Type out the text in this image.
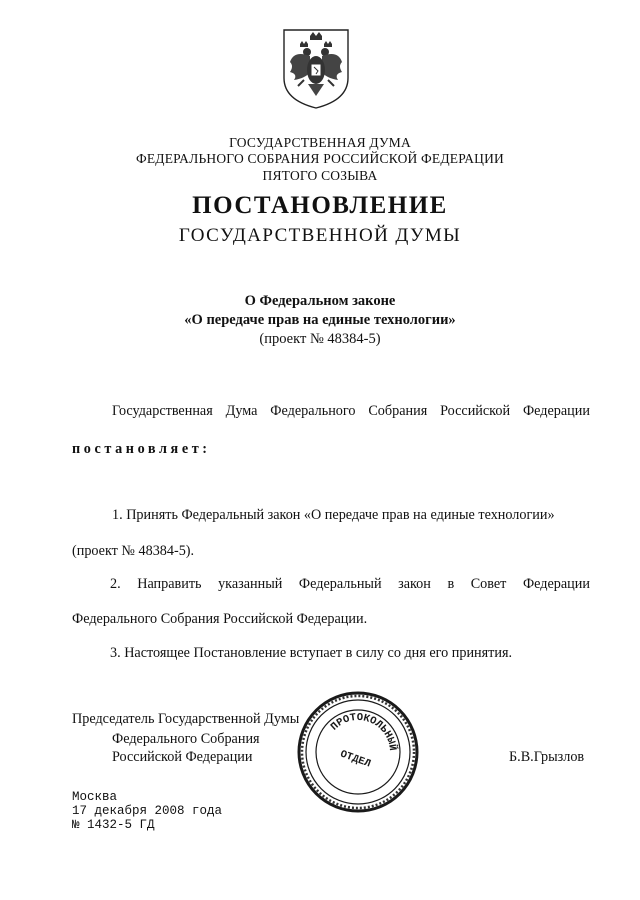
ГОСУДАРСТВЕННАЯ ДУМА
ФЕДЕРАЛЬНОГО СОБРАНИЯ РОССИЙСКОЙ ФЕДЕРАЦИИ
ПЯТОГО СОЗЫВА
ПОСТАНОВЛЕНИЕ
ГОСУДАРСТВЕННОЙ ДУМЫ
О Федеральном законе
«О передаче прав на единые технологии»
(проект № 48384-5)
Государственная Дума Федерального Собрания Российской Федерации
постановляет:
1. Принять Федеральный закон «О передаче прав на единые технологии»
(проект № 48384-5).
2. Направить указанный Федеральный закон в Совет Федерации
Федерального Собрания Российской Федерации.
3. Настоящее Постановление вступает в силу со дня его принятия.
Председатель Государственной Думы
Федерального Собрания
Российской Федерации	Б.В.Грызлов
ПРОТОКОЛЬНЫЙ
ОТДЕЛ
Москва
17 декабря 2008 года
№ 1432-5 ГД
